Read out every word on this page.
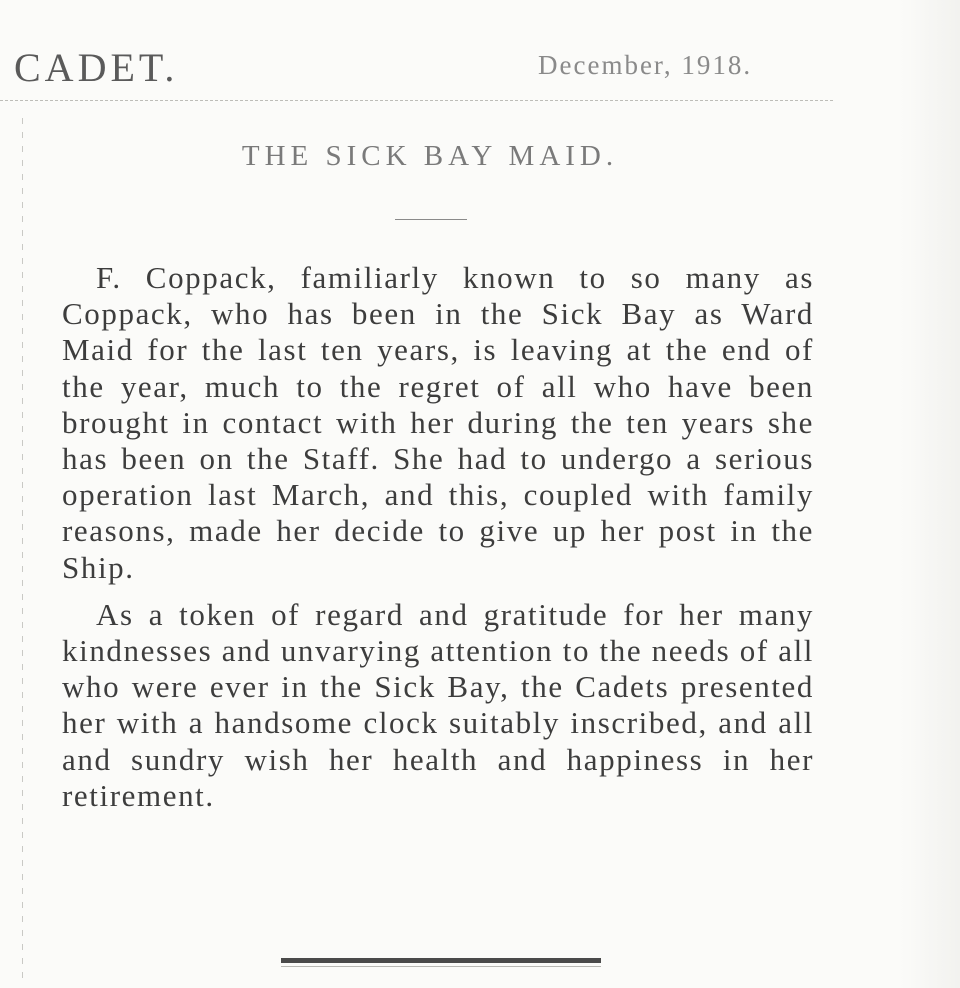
CADET.	December, 1918.
THE SICK BAY MAID.

F. Coppack, familiarly known to so many as Coppack, who has been in the Sick Bay as Ward Maid for the last ten years, is leaving at the end of the year, much to the regret of all who have been brought in contact with her during the ten years she has been on the Staff. She had to undergo a serious operation last March, and this, coupled with family reasons, made her decide to give up her post in the Ship.

As a token of regard and gratitude for her many kindnesses and unvarying attention to the needs of all who were ever in the Sick Bay, the Cadets presented her with a handsome clock suitably inscribed, and all and sundry wish her health and happiness in her retirement.
